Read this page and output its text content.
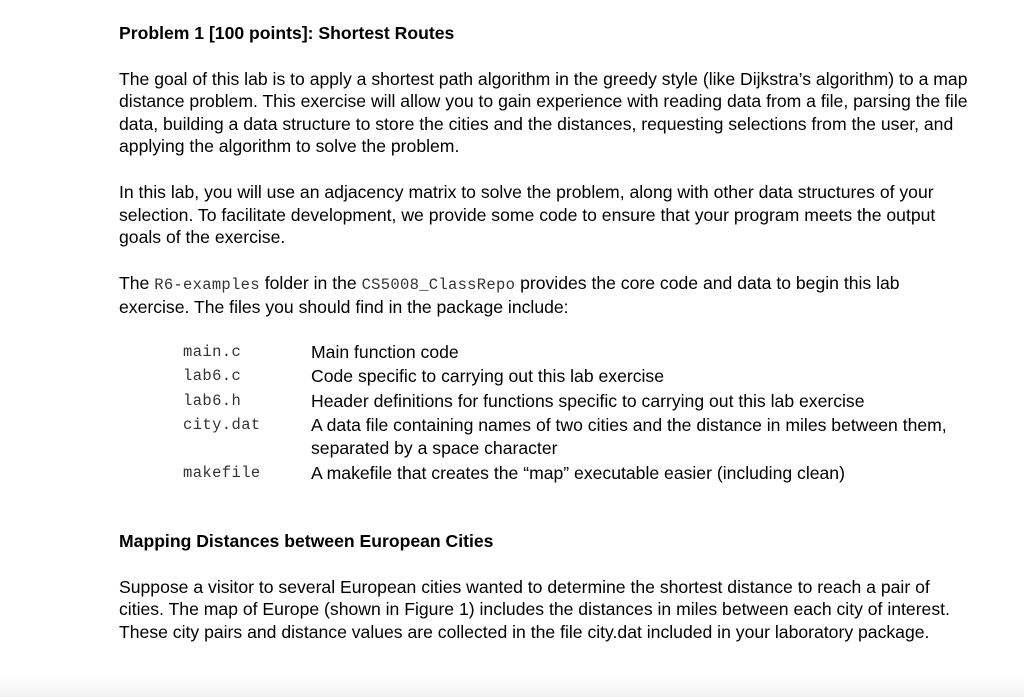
Problem 1 [100 points]: Shortest Routes

The goal of this lab is to apply a shortest path algorithm in the greedy style (like Dijkstra’s algorithm) to a map distance problem. This exercise will allow you to gain experience with reading data from a file, parsing the file data, building a data structure to store the cities and the distances, requesting selections from the user, and applying the algorithm to solve the problem.

In this lab, you will use an adjacency matrix to solve the problem, along with other data structures of your selection. To facilitate development, we provide some code to ensure that your program meets the output goals of the exercise.

The R6-examples folder in the CS5008_ClassRepo provides the core code and data to begin this lab exercise. The files you should find in the package include:

main.c	Main function code
lab6.c	Code specific to carrying out this lab exercise
lab6.h	Header definitions for functions specific to carrying out this lab exercise
city.dat	A data file containing names of two cities and the distance in miles between them, separated by a space character
makefile	A makefile that creates the “map” executable easier (including clean)
Mapping Distances between European Cities

Suppose a visitor to several European cities wanted to determine the shortest distance to reach a pair of cities. The map of Europe (shown in Figure 1) includes the distances in miles between each city of interest. These city pairs and distance values are collected in the file city.dat included in your laboratory package.
